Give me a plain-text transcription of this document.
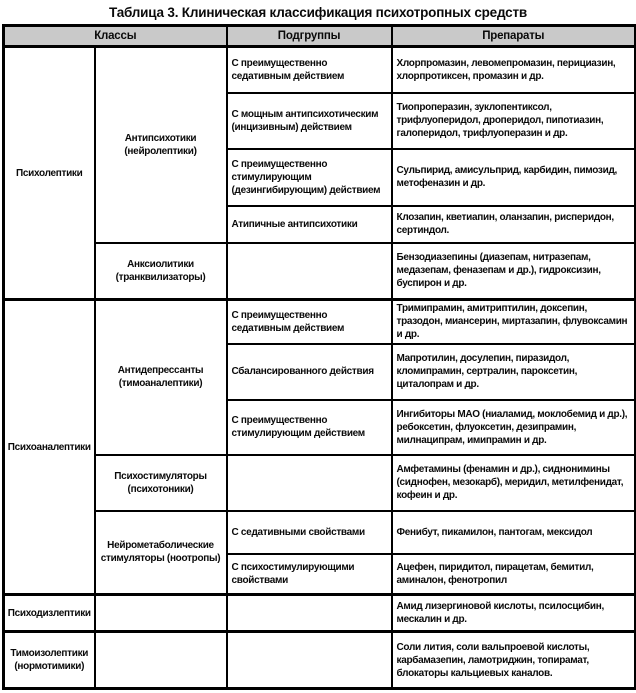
Таблица 3. Клиническая классификация психотропных средств
Классы		Подгруппы	Препараты
Психолептики	Антипсихотики (нейролептики)	С преимущественно седативным действием	Хлорпромазин, левомепромазин, перициазин, хлорпротиксен, промазин и др.
		С мощным антипсихотическим (инцизивным) действием	Тиопроперазин, зуклопентиксол, трифлуоперидол, дроперидол, пипотиазин, галоперидол, трифлуоперазин и др.
		С преимущественно стимулирующим (дезингибирующим) действием	Сульпирид, амисульприд, карбидин, пимозид, метофеназин и др.
		Атипичные антипсихотики	Клозапин, кветиапин, оланзапин, рисперидон, сертиндол.
	Анксиолитики (транквилизаторы)		Бензодиазепины (диазепам, нитразепам, медазепам, феназепам и др.), гидроксизин, буспирон и др.
Психоаналептики	Антидепрессанты (тимоаналептики)	С преимущественно седативным действием	Тримипрамин, амитриптилин, доксепин, тразодон, миансерин, миртазапин, флувоксамин и др.
		Сбалансированного действия	Мапротилин, досулепин, пиразидол, кломипрамин, сертралин, пароксетин, циталопрам и др.
		С преимущественно стимулирующим действием	Ингибиторы МАО (ниаламид, моклобемид и др.), ребоксетин, флуоксетин, дезипрамин, милнаципрам, имипрамин и др.
	Психостимуляторы (психотоники)		Амфетамины (фенамин и др.), сиднонимины (сиднофен, мезокарб), меридил, метилфенидат, кофеин и др.
	Нейрометаболические стимуляторы (ноотропы)	С седативными свойствами	Фенибут, пикамилон, пантогам, мексидол
		С психостимулирующими свойствами	Ацефен, пиридитол, пирацетам, бемитил, аминалон, фенотропил
Психодизлептики			Амид лизергиновой кислоты, псилосцибин, мескалин и др.
Тимоизолептики (нормотимики)			Соли лития, соли вальпроевой кислоты, карбамазепин, ламотриджин, топирамат, блокаторы кальциевых каналов.
